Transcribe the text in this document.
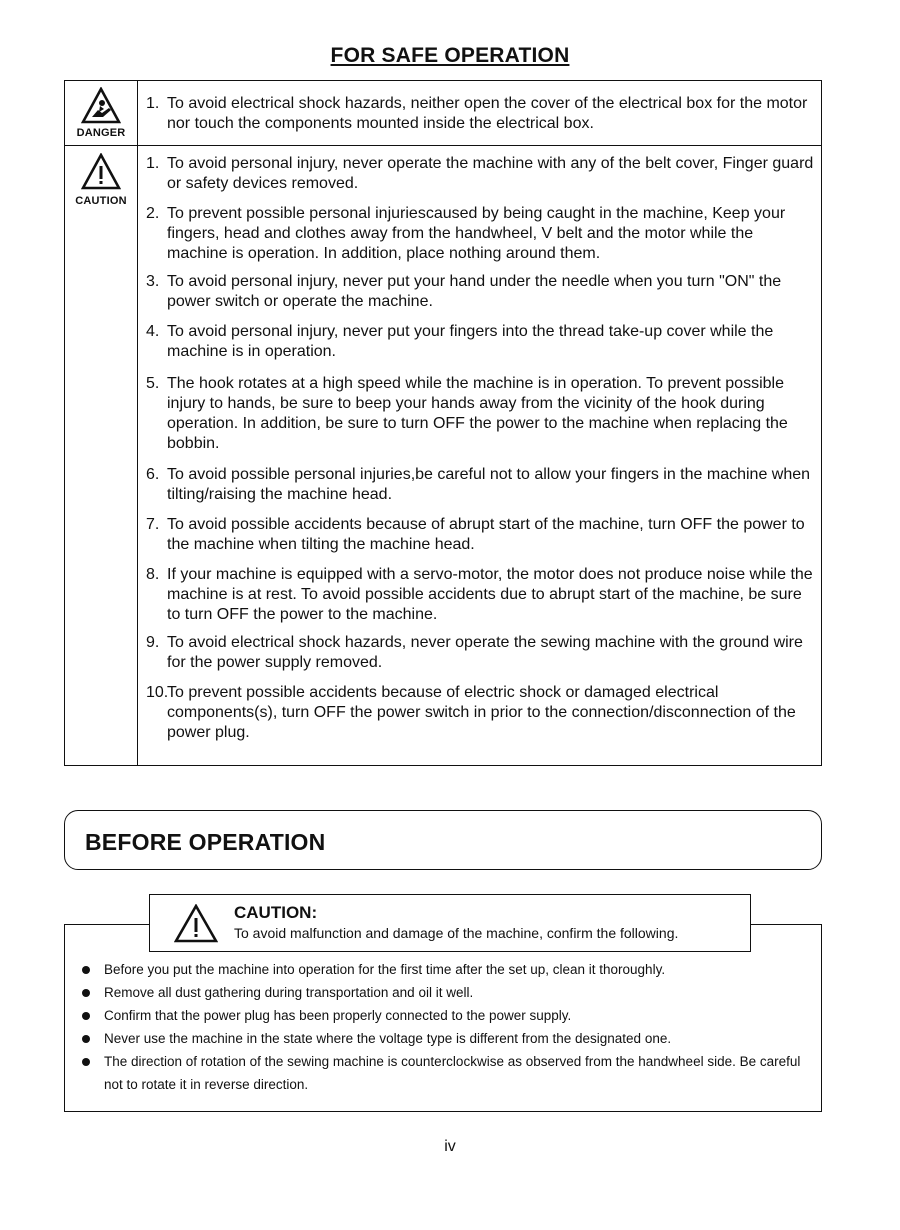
FOR SAFE OPERATION
DANGER
CAUTION
1. To avoid electrical shock hazards, neither open the cover of the electrical box for the motor nor touch the components mounted inside the electrical box.
1. To avoid personal injury, never operate the machine with any of the belt cover, Finger guard or safety devices removed.
2. To prevent possible personal injuriescaused by being caught in the machine, Keep your fingers, head and clothes away from the handwheel, V belt and the motor while the machine is operation. In addition, place nothing around them.
3. To avoid personal injury, never put your hand under the needle when you turn "ON" the power switch or operate the machine.
4. To avoid personal injury, never put your fingers into the thread take-up cover while the machine is in operation.
5. The hook rotates at a high speed while the machine is in operation. To prevent possible injury to hands, be sure to beep your hands away from the vicinity of the hook during operation. In addition, be sure to turn OFF the power to the machine when replacing the bobbin.
6. To avoid possible personal injuries,be careful not to allow your fingers in the machine when tilting/raising the machine head.
7. To avoid possible accidents because of abrupt start of the machine, turn OFF the power to the machine when tilting the machine head.
8. If your machine is equipped with a servo-motor, the motor does not produce noise while the machine is at rest. To avoid possible accidents due to abrupt start of the machine, be sure to turn OFF the power to the machine.
9. To avoid electrical shock hazards, never operate the sewing machine with the ground wire for the power supply removed.
10.
To prevent possible accidents because of electric shock or damaged electrical components(s), turn OFF the power switch in prior to the connection/disconnection of the power plug.
BEFORE OPERATION
CAUTION:
To avoid malfunction and damage of the machine, confirm the following.
Before you put the machine into operation for the first time after the set up, clean it thoroughly.
Remove all dust gathering during transportation and oil it well.
Confirm that the power plug has been properly connected to the power supply.
Never use the machine in the state where the voltage type is different from the designated one.
The direction of rotation of the sewing machine is counterclockwise as observed from the handwheel side. Be careful not to rotate it in reverse direction.
iv
